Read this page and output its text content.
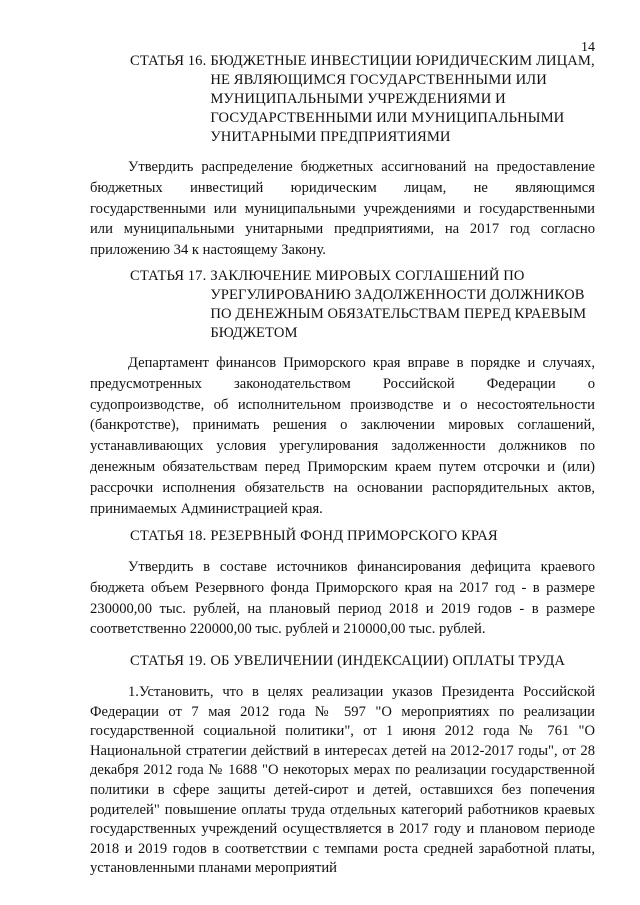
14
СТАТЬЯ 16. БЮДЖЕТНЫЕ ИНВЕСТИЦИИ ЮРИДИЧЕСКИМ ЛИЦАМ, НЕ ЯВЛЯЮЩИМСЯ ГОСУДАРСТВЕННЫМИ ИЛИ МУНИЦИПАЛЬНЫМИ УЧРЕЖДЕНИЯМИ И ГОСУДАРСТВЕННЫМИ ИЛИ МУНИЦИПАЛЬНЫМИ УНИТАРНЫМИ ПРЕДПРИЯТИЯМИ

Утвердить распределение бюджетных ассигнований на предоставление бюджетных инвестиций юридическим лицам, не являющимся государственными или муниципальными учреждениями и государственными или муниципальными унитарными предприятиями, на 2017 год согласно приложению 34 к настоящему Закону.

СТАТЬЯ 17. ЗАКЛЮЧЕНИЕ МИРОВЫХ СОГЛАШЕНИЙ ПО УРЕГУЛИРОВАНИЮ ЗАДОЛЖЕННОСТИ ДОЛЖНИКОВ ПО ДЕНЕЖНЫМ ОБЯЗАТЕЛЬСТВАМ ПЕРЕД КРАЕВЫМ БЮДЖЕТОМ

Департамент финансов Приморского края вправе в порядке и случаях, предусмотренных законодательством Российской Федерации о судопроизводстве, об исполнительном производстве и о несостоятельности (банкротстве), принимать решения о заключении мировых соглашений, устанавливающих условия урегулирования задолженности должников по денежным обязательствам перед Приморским краем путем отсрочки и (или) рассрочки исполнения обязательств на основании распорядительных актов, принимаемых Администрацией края.

СТАТЬЯ 18. РЕЗЕРВНЫЙ ФОНД ПРИМОРСКОГО КРАЯ

Утвердить в составе источников финансирования дефицита краевого бюджета объем Резервного фонда Приморского края на 2017 год - в размере 230000,00 тыс. рублей, на плановый период 2018 и 2019 годов - в размере соответственно 220000,00 тыс. рублей и 210000,00 тыс. рублей.

СТАТЬЯ 19. ОБ УВЕЛИЧЕНИИ (ИНДЕКСАЦИИ) ОПЛАТЫ ТРУДА

1.Установить, что в целях реализации указов Президента Российской Федерации от 7 мая 2012 года № 597 "О мероприятиях по реализации государственной социальной политики", от 1 июня 2012 года № 761 "О Национальной стратегии действий в интересах детей на 2012-2017 годы", от 28 декабря 2012 года № 1688 "О некоторых мерах по реализации государственной политики в сфере защиты детей-сирот и детей, оставшихся без попечения родителей" повышение оплаты труда отдельных категорий работников краевых государственных учреждений осуществляется в 2017 году и плановом периоде 2018 и 2019 годов в соответствии с темпами роста средней заработной платы, установленными планами мероприятий
